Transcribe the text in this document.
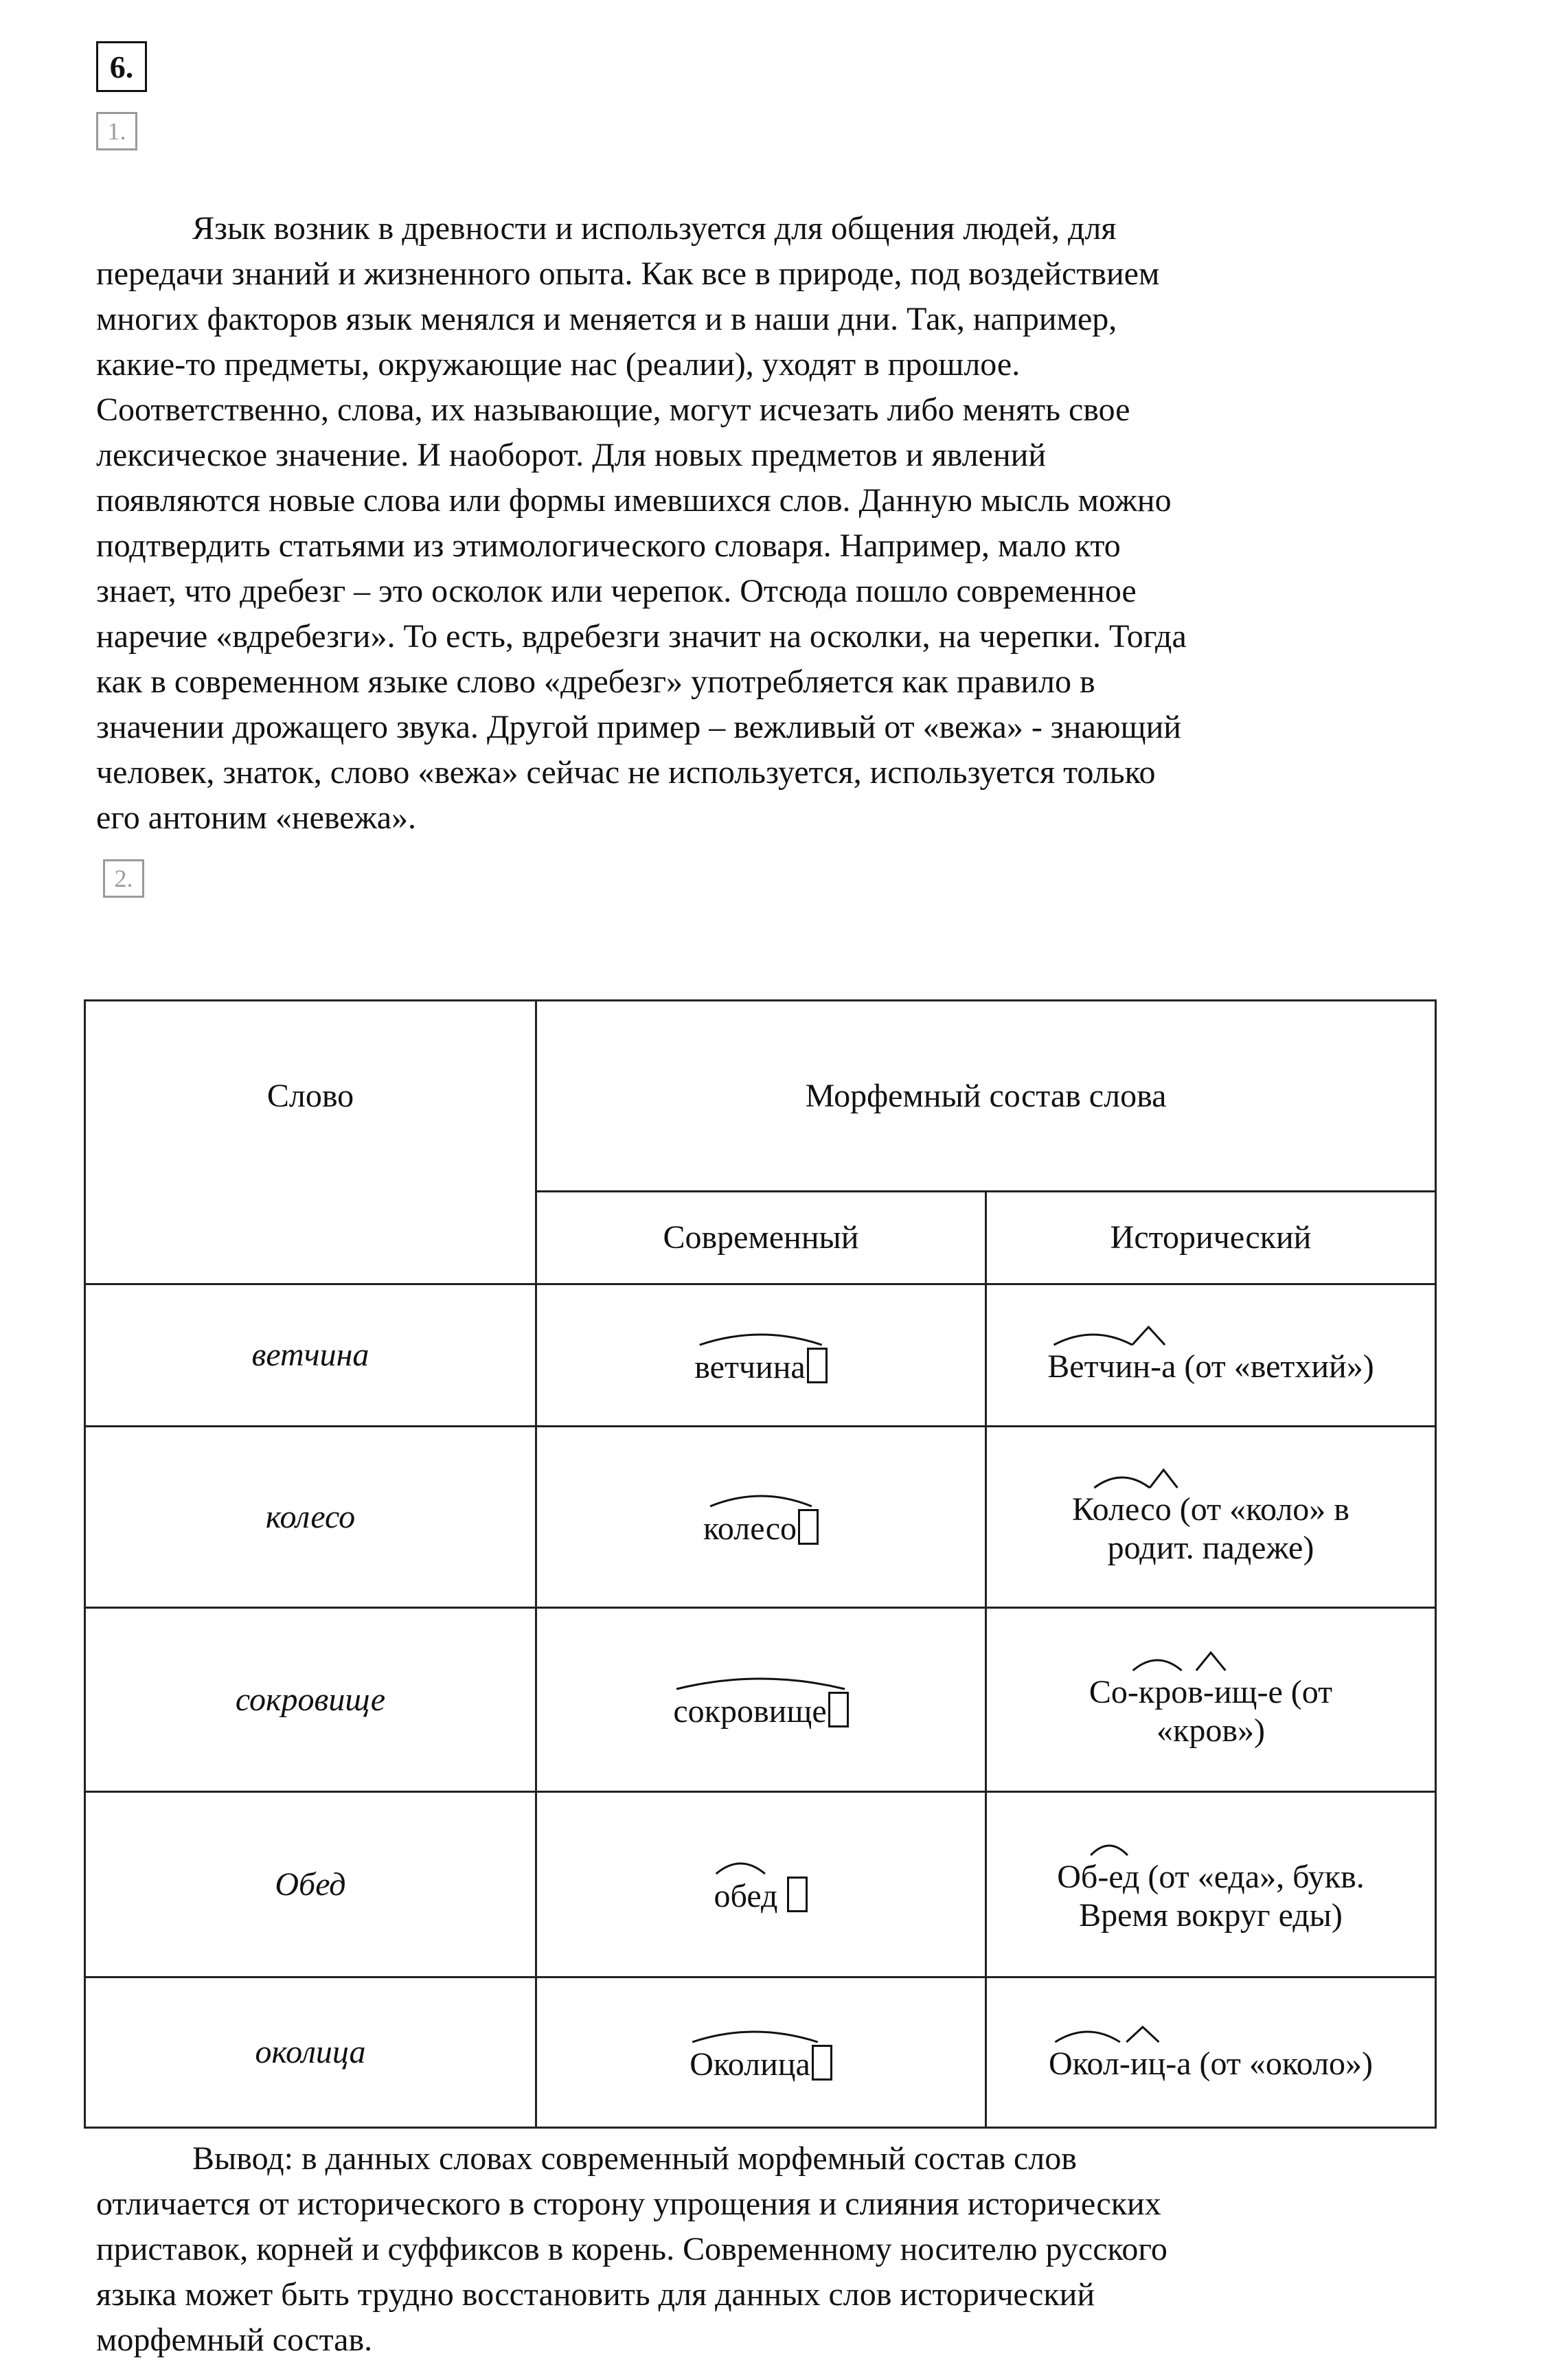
6.
1.
Язык возник в древности и используется для общения людей, для
передачи знаний и жизненного опыта. Как все в природе, под воздействием
многих факторов язык менялся и меняется и в наши дни. Так, например,
какие-то предметы, окружающие нас (реалии), уходят в прошлое.
Соответственно, слова, их называющие, могут исчезать либо менять свое
лексическое значение. И наоборот. Для новых предметов и явлений
появляются новые слова или формы имевшихся слов. Данную мысль можно
подтвердить статьями из этимологического словаря. Например, мало кто
знает, что дребезг – это осколок или черепок. Отсюда пошло современное
наречие «вдребезги». То есть, вдребезги значит на осколки, на черепки. Тогда
как в современном языке слово «дребезг» употребляется как правило в
значении дрожащего звука. Другой пример – вежливый от «вежа» - знающий
человек, знаток, слово «вежа» сейчас не используется, используется только
его антоним «невежа».
2.
Слово	Морфемный состав слова	
	Современный	Исторический
ветчина	ветчина	Ветчин-а (от «ветхий»)
колесо	колесо	Колесо (от «коло» в
родит. падеже)

сокровище	сокровище	Со-кров-ищ-е (от
«кров»)

Обед	обед	Об-ед (от «еда», букв.
Время вокруг еды)

околица	Околица	Окол-иц-а (от «около»)
Вывод: в данных словах современный морфемный состав слов
отличается от исторического в сторону упрощения и слияния исторических
приставок, корней и суффиксов в корень. Современному носителю русского
языка может быть трудно восстановить для данных слов исторический
морфемный состав.
